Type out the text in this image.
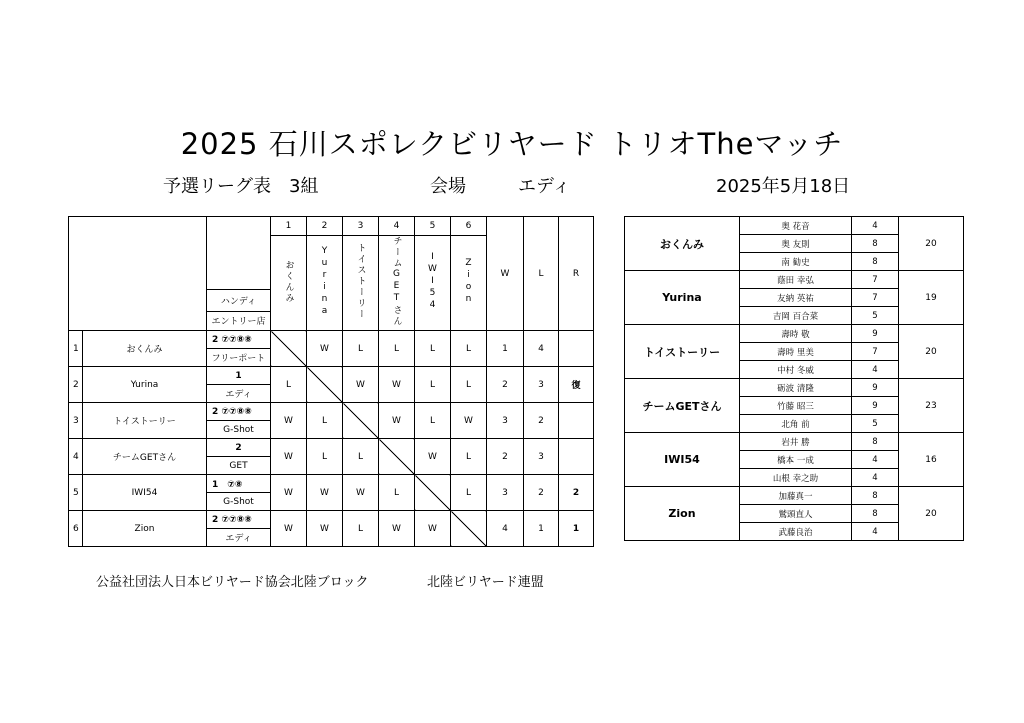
2025 石川スポレクビリヤード トリオTheマッチ
予選リーグ表　3組	会場	エディ	2025年5月18日
			1	2	3	4	5	6	W	L	R
			おくんみ	Yurina	トイストーリー	チームGETさん	IWI54	Zion			
		ハンディ									
		エントリー店									
1	おくんみ	2 ⑦⑦⑧⑧		W	L	L	L	L	1	4	
		フリーポート									
2	Yurina	1	L		W	W	L	L	2	3	復
		エディ									
3	トイストーリー	2 ⑦⑦⑧⑧	W	L		W	L	W	3	2	
		G-Shot									
4	チームGETさん	2	W	L	L		W	L	2	3	
		GET									
5	IWI54	1　⑦⑧	W	W	W	L		L	3	2	2
		G-Shot									
6	Zion	2 ⑦⑦⑧⑧	W	W	L	W	W		4	1	1
		エディ									
おくんみ	奥 花音	4	20
	奥 友則	8	
	南 勧史	8	
Yurina	蔭田 幸弘	7	19
	友納 英祐	7	
	吉岡 百合菜	5	
トイストーリー	壽時 敬	9	20
	壽時 里美	7	
	中村 冬威	4	
チームGETさん	砺波 清隆	9	23
	竹藤 昭三	9	
	北角 前	5	
IWI54	岩井 勝	8	16
	橋本 一成	4	
	山根 幸之助	4	
Zion	加藤真一	8	20
	鷲頭直人	8	
	武藤良治	4	
公益社団法人日本ビリヤード協会北陸ブロック	北陸ビリヤード連盟
